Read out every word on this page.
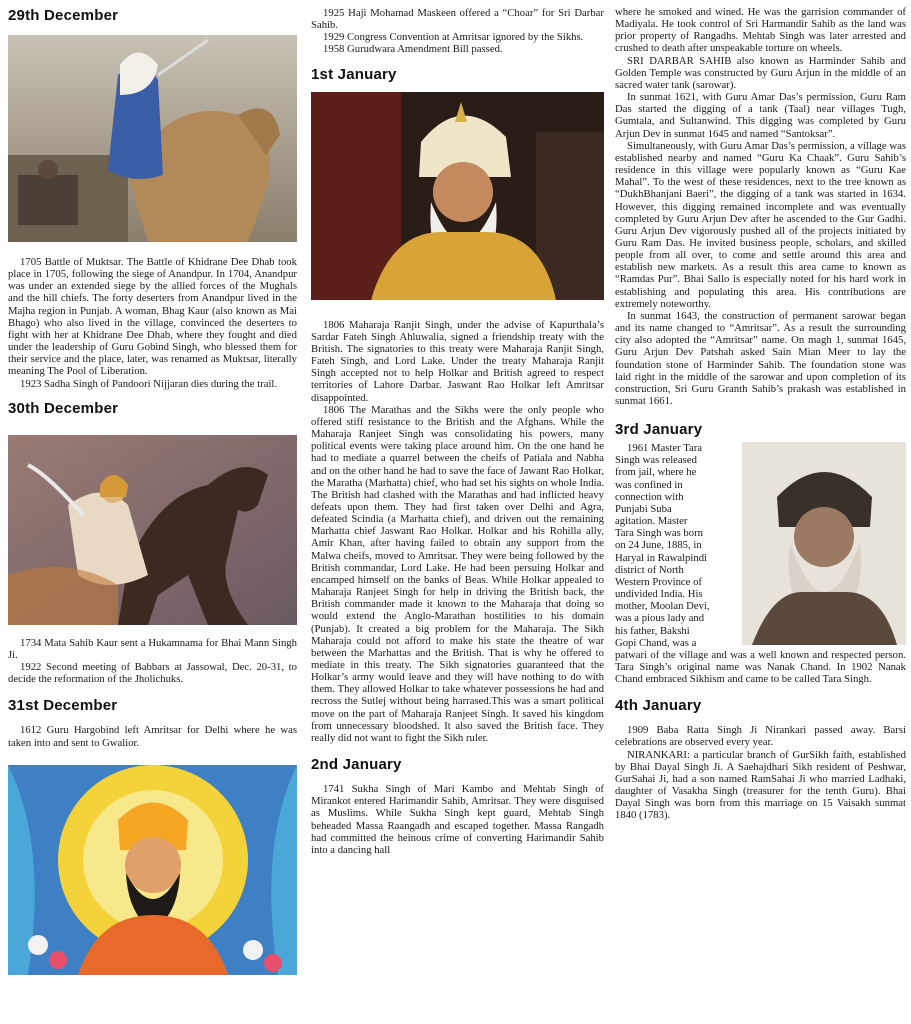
29th December

1705 Battle of Muktsar. The Battle of Khidrane Dee Dhab took place in 1705, following the siege of Anandpur. In 1704, Anandpur was under an extended siege by the allied forces of the Mughals and the hill chiefs. The forty deserters from Anandpur lived in the Majha region in Punjab. A woman, Bhag Kaur (also known as Mai Bhago) who also lived in the village, convinced the deserters to fight with her at Khidrane Dee Dhab, where they fought and died under the leadership of Guru Gobind Singh, who blessed them for their service and the place, later, was renamed as Muktsar, literally meaning The Pool of Liberation.

1923 Sadha Singh of Pandoori Nijjaran dies during the trail.

30th December

1734 Mata Sahib Kaur sent a Hukamnama for Bhai Mann Singh Ji.

1922 Second meeting of Babbars at Jassowal, Dec. 20-31, to decide the reformation of the Jholichuks.

31st December

1612 Guru Hargobind left Amritsar for Delhi where he was taken into and sent to Gwalior.

1925 Haji Mohamad Maskeen offered a “Choar” for Sri Darbar Sahib.

1929 Congress Convention at Amritsar ignored by the Sikhs.

1958 Gurudwara Amendment Bill passed.

1st January

1806 Maharaja Ranjit Singh, under the advise of Kapurthala’s Sardar Fateh Singh Ahluwalia, signed a friendship treaty with the British. The signatories to this treaty were Maharaja Ranjit Singh, Fateh Singh, and Lord Lake. Under the treaty Maharaja Ranjit Singh accepted not to help Holkar and British agreed to respect territories of Lahore Darbar. Jaswant Rao Holkar left Amritsar disappointed.

1806 The Marathas and the Sikhs were the only people who offered stiff resistance to the British and the Afghans. While the Maharaja Ranjeet Singh was consolidating his powers, many political events were taking place around him. On the one hand he had to mediate a quarrel between the cheifs of Patiala and Nabha and on the other hand he had to save the face of Jawant Rao Holkar, the Maratha (Marhatta) chief, who had set his sights on whole India. The British had clashed with the Marathas and had inflicted heavy defeats upon them. They had first taken over Delhi and Agra, defeated Scindia (a Marhatta chief), and driven out the remaining Marhatta chief Jaswant Rao Holkar. Holkar and his Rohilla ally, Amir Khan, after having failed to obtain any support from the Malwa cheifs, moved to Amritsar. They were being followed by the British commandar, Lord Lake. He had been persuing Holkar and encamped himself on the banks of Beas. While Holkar appealed to Maharaja Ranjeet Singh for help in driving the British back, the British commander made it known to the Maharaja that doing so would extend the Anglo-Marathan hostilities to his domain (Punjab). It created a big problem for the Maharaja. The Sikh Maharaja could not afford to make his state the theatre of war between the Marhattas and the British. That is why he offered to mediate in this treaty. The Sikh signatories guaranteed that the Holkar’s army would leave and they will have nothing to do with them. They allowed Holkar to take whatever possessions he had and recross the Sutlej without being harrased.This was a smart political move on the part of Maharaja Ranjeet Singh. It saved his kingdom from unnecessary bloodshed. It also saved the British face. They really did not want to fight the Sikh ruler.

2nd January

1741 Sukha Singh of Mari Kambo and Mehtab Singh of Mirankot entered Harimandir Sahib, Amritsar. They were disguised as Muslims. While Sukha Singh kept guard, Mehtab Singh beheaded Massa Raangadh and escaped together. Massa Rangadh had committed the heinous crime of converting Harimandir Sahib into a dancing hall

where he smoked and wined. He was the garrision commander of Madiyala. He took control of Sri Harmandir Sahib as the land was prior property of Rangadhs. Mehtab Singh was later arrested and crushed to death after unspeakable torture on wheels.

SRI DARBAR SAHIB also known as Harminder Sahib and Golden Temple was constructed by Guru Arjun in the middle of an sacred water tank (sarowar).

In sunmat 1621, with Guru Amar Das’s permission, Guru Ram Das started the digging of a tank (Taal) near villages Tugh, Gumtala, and Sultanwind. This digging was completed by Guru Arjun Dev in sunmat 1645 and named “Santoksar”.

Simultaneously, with Guru Amar Das’s permission, a village was established nearby and named “Guru Ka Chaak”. Guru Sahib’s residence in this village were popularly known as “Guru Kae Mahal”. To the west of these residences, next to the tree known as “DukhBhanjani Baeri”, the digging of a tank was started in 1634. However, this digging remained incomplete and was eventually completed by Guru Arjun Dev after he ascended to the Gur Gadhi. Guru Arjun Dev vigorously pushed all of the projects initiated by Guru Ram Das. He invited business people, scholars, and skilled people from all over, to come and settle around this area and establish new markets. As a result this area came to known as “Ramdas Pur”. Bhai Sallo is especially noted for his hard work in establishing and populating this area. His contributions are extremely noteworthy.

In sunmat 1643, the construction of permanent sarowar began and its name changed to “Amritsar”. As a result the surrounding city also adopted the “Amritsar” name. On magh 1, sunmat 1645, Guru Arjun Dev Patshah asked Sain Mian Meer to lay the foundation stone of Harminder Sahib. The foundation stone was laid right in the middle of the sarowar and upon completion of its construction, Sri Guru Granth Sahib’s prakash was established in sunmat 1661.

3rd January

1961 Master Tara

Singh was released

from jail, where he

was confined in

connection with

Punjabi Suba

agitation. Master

Tara Singh was born

on 24 June, 1885, in

Haryal in Rawalpindi

district of North

Western Province of

undivided India. His

mother, Moolan Devi,

was a pious lady and

his father, Bakshi

Gopi Chand, was a

patwari of the village and was a well known and respected person. Tara Singh’s original name was Nanak Chand. In 1902 Nanak Chand embraced Sikhism and came to be called Tara Singh.

4th January

1909 Baba Ratta Singh Ji Nirankari passed away. Barsi celebrations are observed every year.

NIRANKARI: a particular branch of GurSikh faith, established by Bhai Dayal Singh Ji. A Saehajdhari Sikh resident of Peshwar, GurSahai Ji, had a son named RamSahai Ji who married Ladhaki, daughter of Vasakha Singh (treasurer for the tenth Guru). Bhai Dayal Singh was born from this marriage on 15 Vaisakh sunmat 1840 (1783).
